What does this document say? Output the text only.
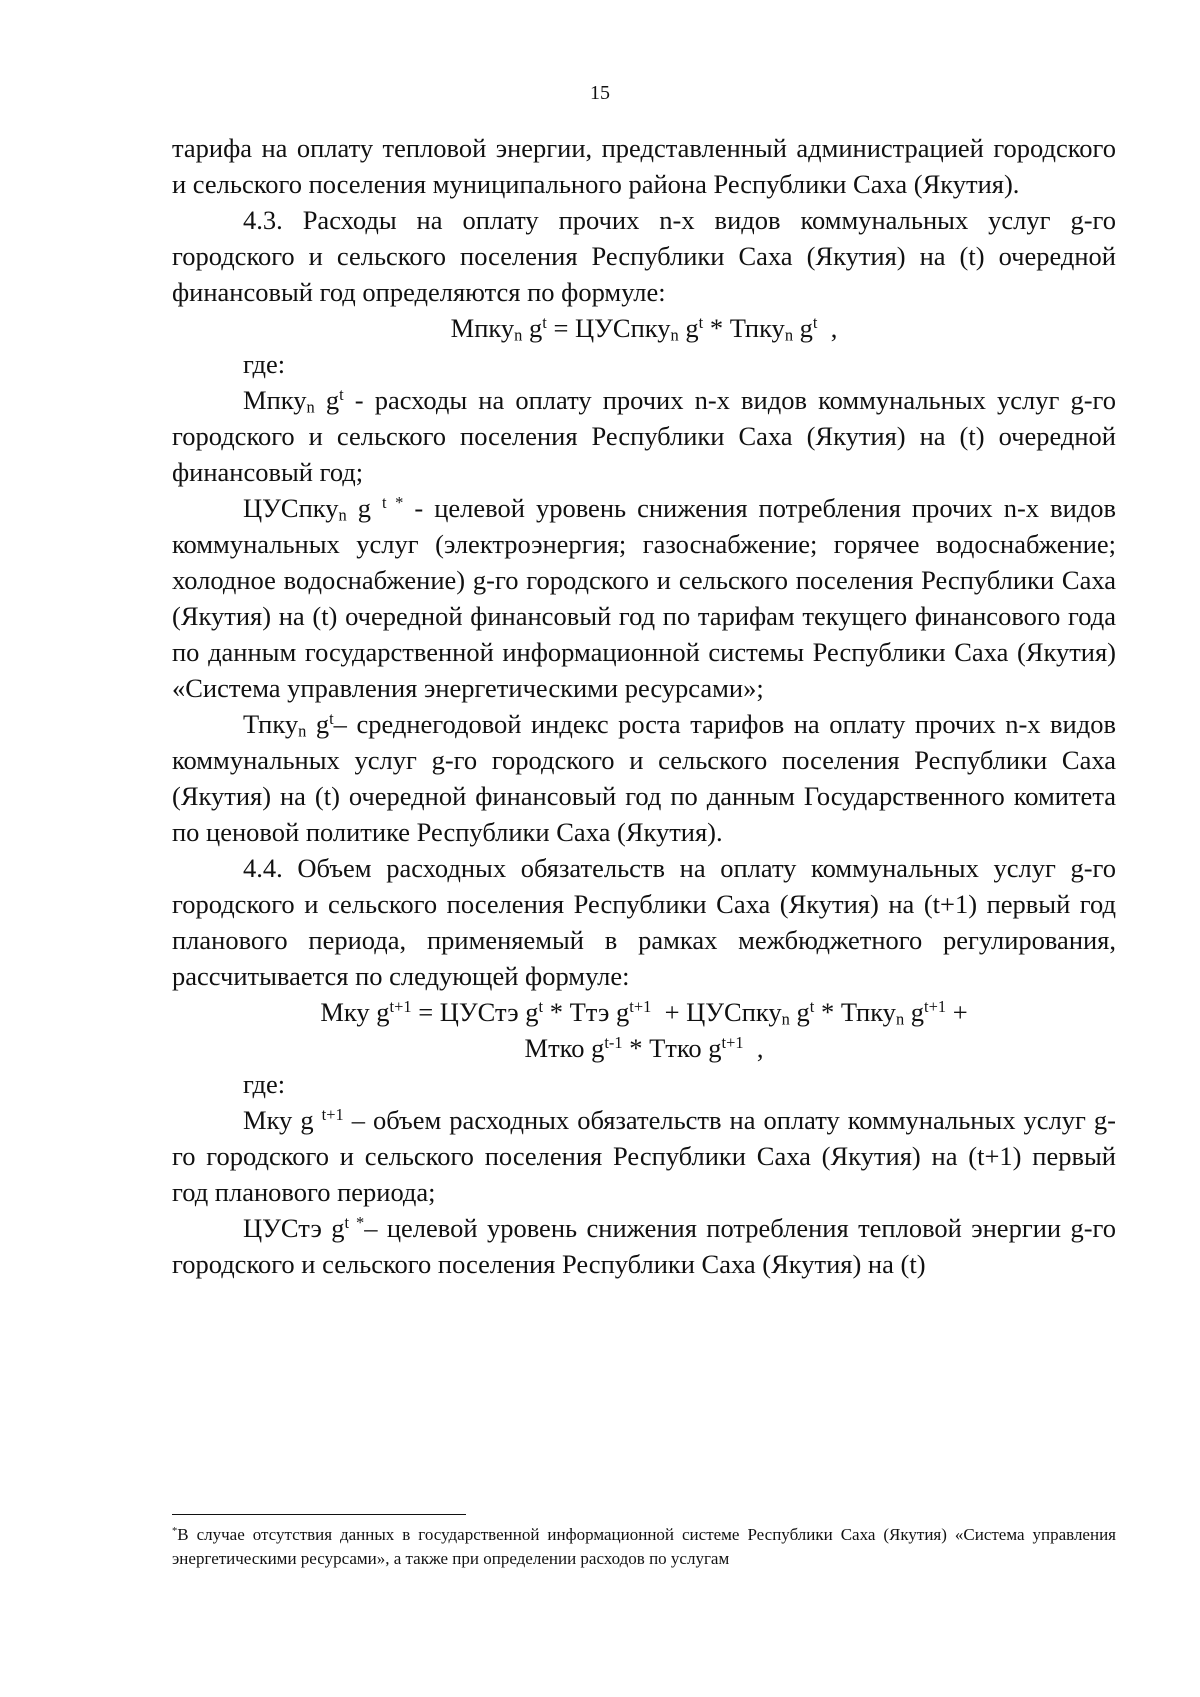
15

тарифа на оплату тепловой энергии, представленный администрацией городского и сельского поселения муниципального района Республики Саха (Якутия).

4.3. Расходы на оплату прочих n-х видов коммунальных услуг g-го городского и сельского поселения Республики Саха (Якутия) на (t) очередной финансовый год определяются по формуле:

Мпку$_n$ $g^t$ = ЦУСпку$_n$ $g^t$ * Тпку$_n$ $g^t$ ,

где:

Мпку$_n$ $g^t$ - расходы на оплату прочих n-х видов коммунальных услуг g-го городского и сельского поселения Республики Саха (Якутия) на (t) очередной финансовый год;

ЦУСпку$_n$ g $^{t *}$ - целевой уровень снижения потребления прочих n-х видов коммунальных услуг (электроэнергия; газоснабжение; горячее водоснабжение; холодное водоснабжение) g-го городского и сельского поселения Республики Саха (Якутия) на (t) очередной финансовый год по тарифам текущего финансового года по данным государственной информационной системы Республики Саха (Якутия) «Система управления энергетическими ресурсами»;

Тпку$_n$ $g^t-$ среднегодовой индекс роста тарифов на оплату прочих n-х видов коммунальных услуг g-го городского и сельского поселения Республики Саха (Якутия) на (t) очередной финансовый год по данным Государственного комитета по ценовой политике Республики Саха (Якутия).

4.4. Объем расходных обязательств на оплату коммунальных услуг g-го городского и сельского поселения Республики Саха (Якутия) на (t+1) первый год планового периода, применяемый в рамках межбюджетного регулирования, рассчитывается по следующей формуле:

Мку $g^{t+1}$ = ЦУСтэ $g^t$ * Ттэ $g^{t+1}$ + ЦУСпку$_n$ $g^t$ * Тпку$_n$ $g^{t+1}$ +
Мтко $g^{t-1}$ * Ттко $g^{t+1}$ ,

где:

Мку g $^{t+1}$ – объем расходных обязательств на оплату коммунальных услуг g-го городского и сельского поселения Республики Саха (Якутия) на (t+1) первый год планового периода;

ЦУСтэ $g^{t *}-$ целевой уровень снижения потребления тепловой энергии g-го городского и сельского поселения Республики Саха (Якутия) на (t)

*В случае отсутствия данных в государственной информационной системе Республики Саха (Якутия) «Система управления энергетическими ресурсами», а также при определении расходов по услугам
